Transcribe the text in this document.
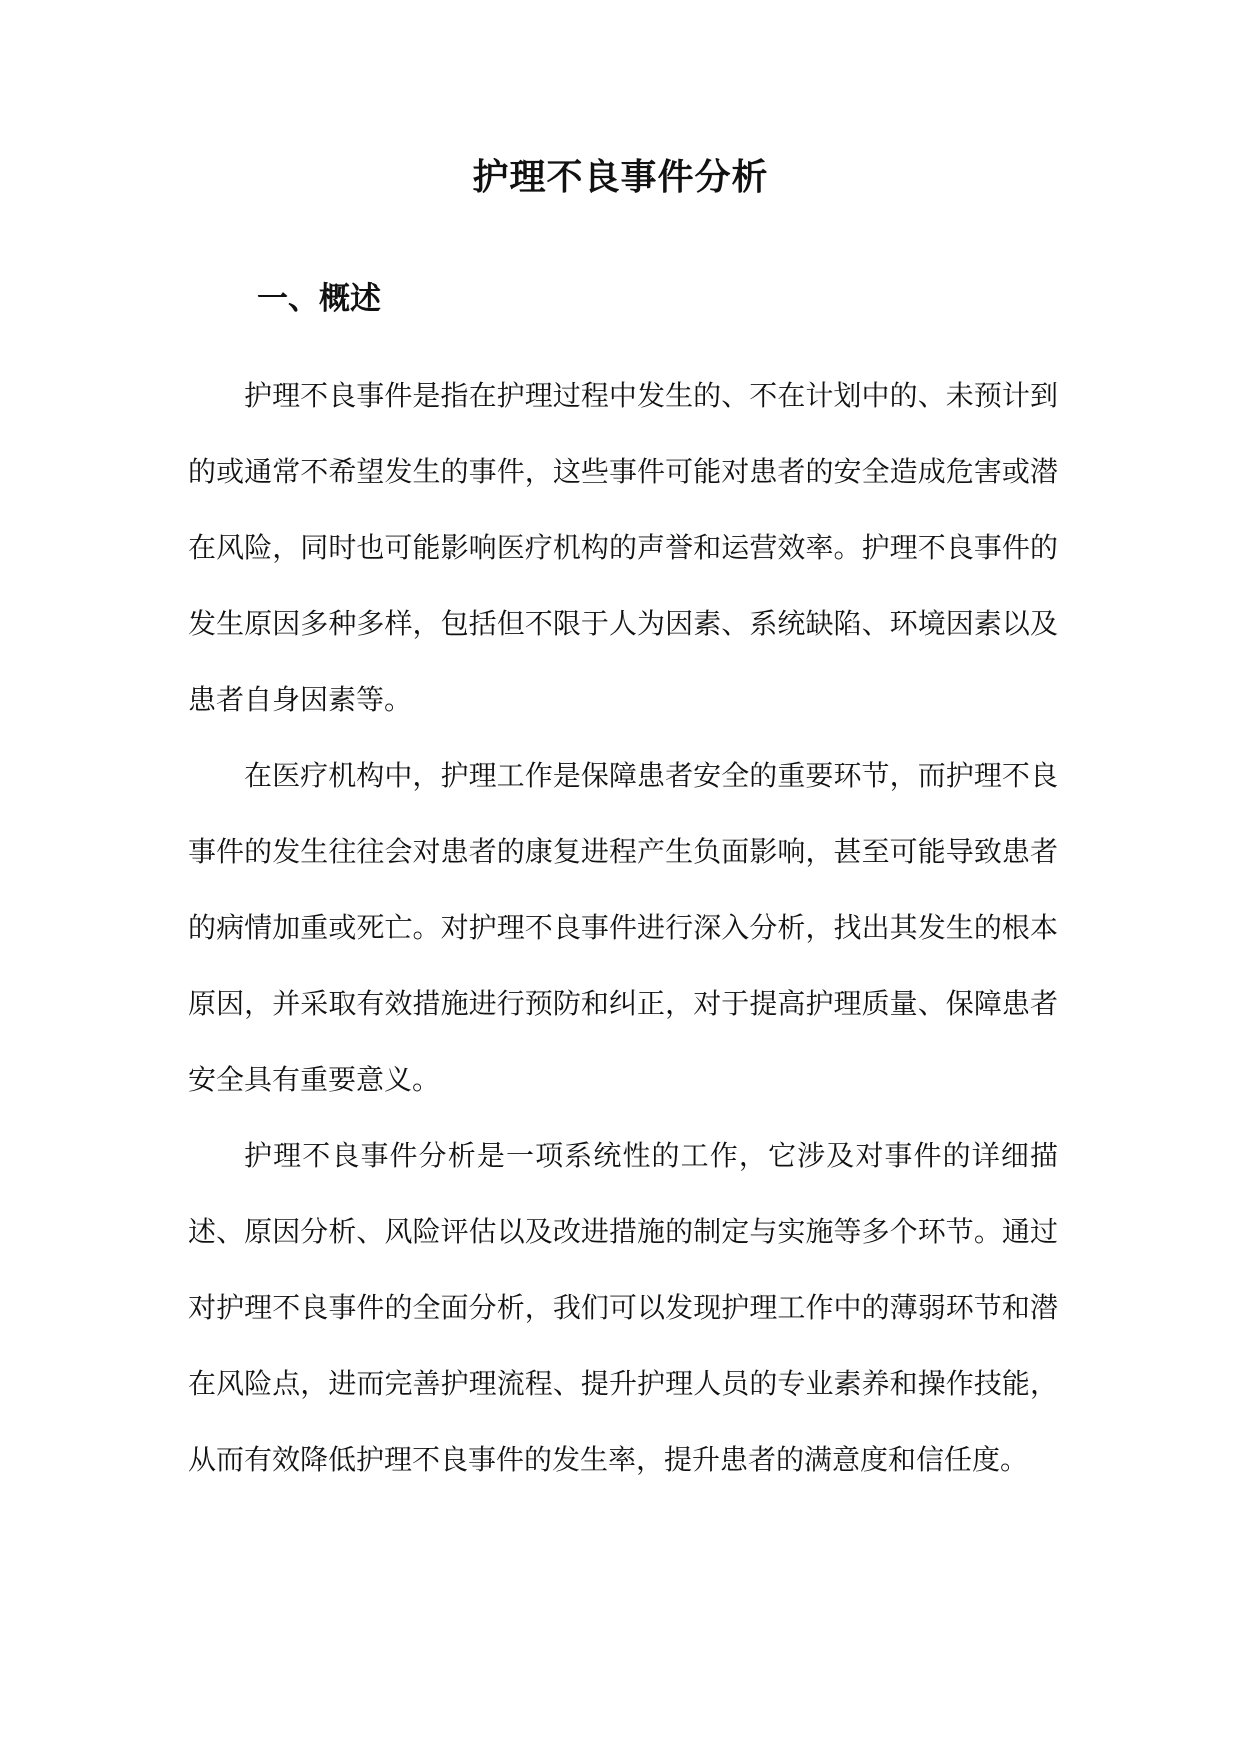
护理不良事件分析
一、概述

护理不良事件是指在护理过程中发生的、不在计划中的、未预计到的或通常不希望发生的事件，这些事件可能对患者的安全造成危害或潜在风险，同时也可能影响医疗机构的声誉和运营效率。护理不良事件的发生原因多种多样，包括但不限于人为因素、系统缺陷、环境因素以及患者自身因素等。

在医疗机构中，护理工作是保障患者安全的重要环节，而护理不良事件的发生往往会对患者的康复进程产生负面影响，甚至可能导致患者的病情加重或死亡。对护理不良事件进行深入分析，找出其发生的根本原因，并采取有效措施进行预防和纠正，对于提高护理质量、保障患者安全具有重要意义。

护理不良事件分析是一项系统性的工作，它涉及对事件的详细描述、原因分析、风险评估以及改进措施的制定与实施等多个环节。通过对护理不良事件的全面分析，我们可以发现护理工作中的薄弱环节和潜在风险点，进而完善护理流程、提升护理人员的专业素养和操作技能，从而有效降低护理不良事件的发生率，提升患者的满意度和信任度。
